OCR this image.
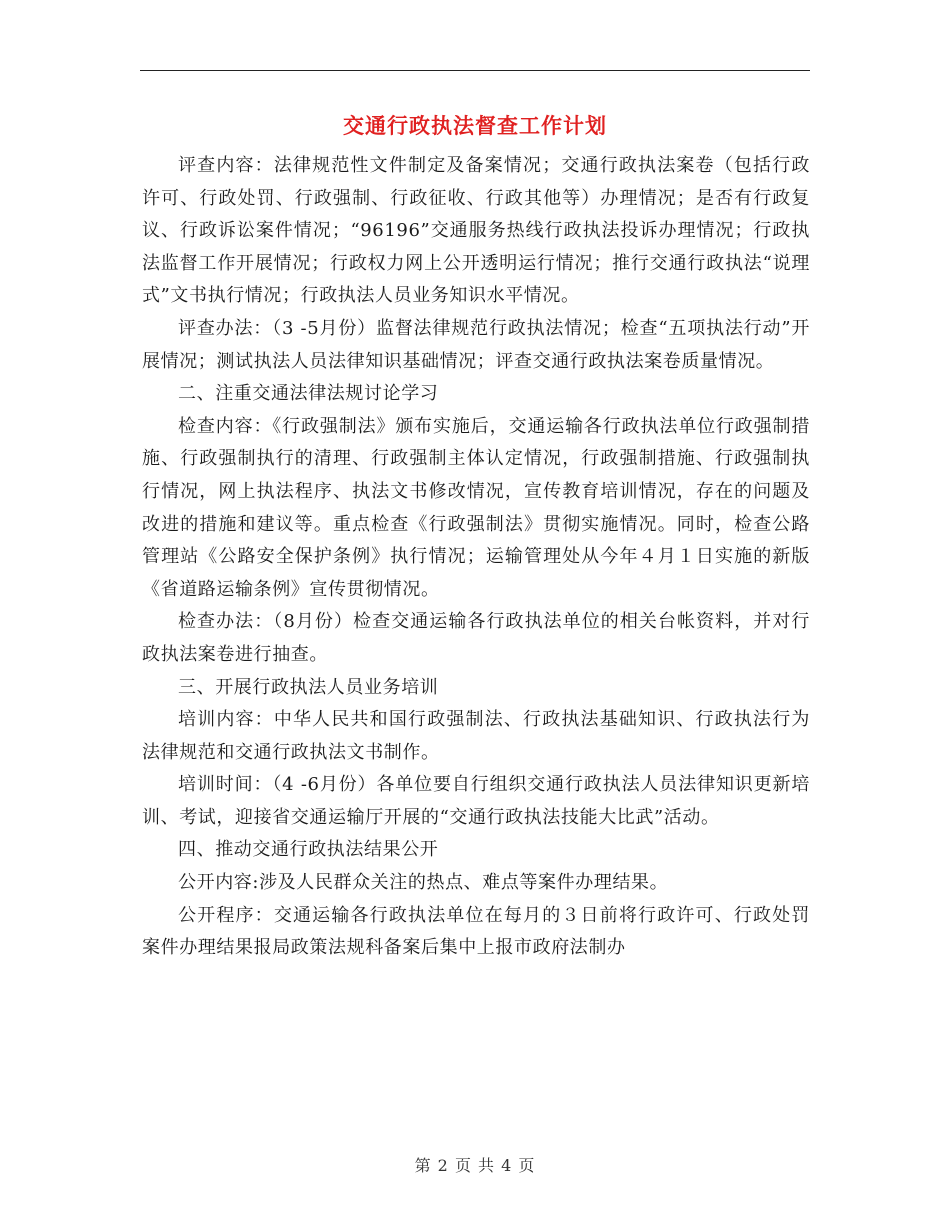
交通行政执法督查工作计划

评查内容：法律规范性文件制定及备案情况；交通行政执法案卷（包括行政许可、行政处罚、行政强制、行政征收、行政其他等）办理情况；是否有行政复议、行政诉讼案件情况；“96196”交通服务热线行政执法投诉办理情况；行政执法监督工作开展情况；行政权力网上公开透明运行情况；推行交通行政执法“说理式”文书执行情况；行政执法人员业务知识水平情况。

评查办法：（3 -5月份）监督法律规范行政执法情况；检查“五项执法行动”开展情况；测试执法人员法律知识基础情况；评查交通行政执法案卷质量情况。

二、注重交通法律法规讨论学习

检查内容：《行政强制法》颁布实施后，交通运输各行政执法单位行政强制措施、行政强制执行的清理、行政强制主体认定情况，行政强制措施、行政强制执行情况，网上执法程序、执法文书修改情况，宣传教育培训情况，存在的问题及改进的措施和建议等。重点检查《行政强制法》贯彻实施情况。同时，检查公路管理站《公路安全保护条例》执行情况；运输管理处从今年４月１日实施的新版《省道路运输条例》宣传贯彻情况。

检查办法：（8月份）检查交通运输各行政执法单位的相关台帐资料，并对行政执法案卷进行抽查。

三、开展行政执法人员业务培训

培训内容：中华人民共和国行政强制法、行政执法基础知识、行政执法行为法律规范和交通行政执法文书制作。

培训时间：（4 -6月份）各单位要自行组织交通行政执法人员法律知识更新培训、考试，迎接省交通运输厅开展的“交通行政执法技能大比武”活动。

四、推动交通行政执法结果公开

公开内容:涉及人民群众关注的热点、难点等案件办理结果。

公开程序：交通运输各行政执法单位在每月的３日前将行政许可、行政处罚案件办理结果报局政策法规科备案后集中上报市政府法制办

第 2 页 共 4 页
